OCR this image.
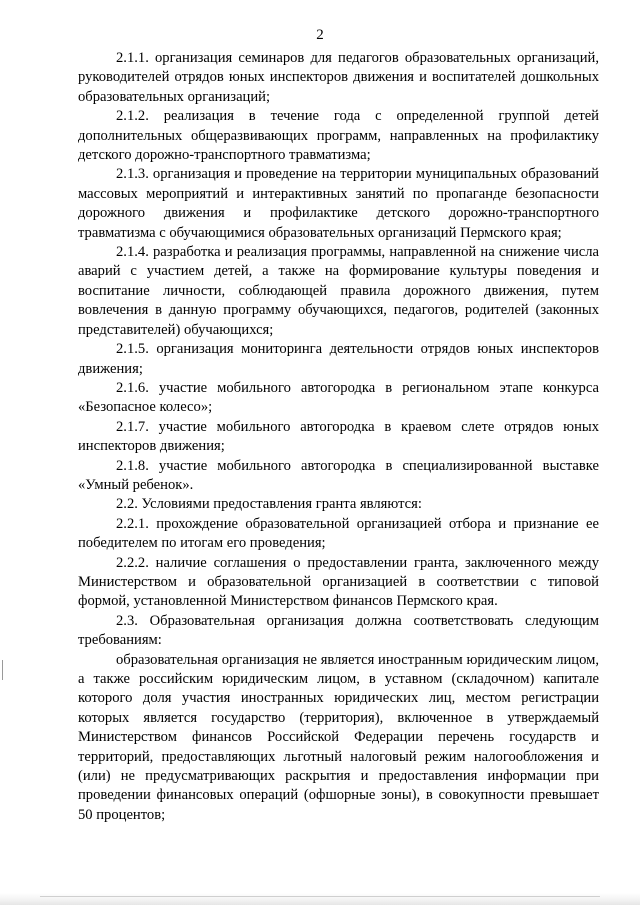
2

2.1.1. организация семинаров для педагогов образовательных организаций, руководителей отрядов юных инспекторов движения и воспитателей дошкольных образовательных организаций;

2.1.2. реализация в течение года с определенной группой детей дополнительных общеразвивающих программ, направленных на профилактику детского дорожно-транспортного травматизма;

2.1.3. организация и проведение на территории муниципальных образований массовых мероприятий и интерактивных занятий по пропаганде безопасности дорожного движения и профилактике детского дорожно-транспортного травматизма с обучающимися образовательных организаций Пермского края;

2.1.4. разработка и реализация программы, направленной на снижение числа аварий с участием детей, а также на формирование культуры поведения и воспитание личности, соблюдающей правила дорожного движения, путем вовлечения в данную программу обучающихся, педагогов, родителей (законных представителей) обучающихся;

2.1.5. организация мониторинга деятельности отрядов юных инспекторов движения;

2.1.6. участие мобильного автогородка в региональном этапе конкурса «Безопасное колесо»;

2.1.7. участие мобильного автогородка в краевом слете отрядов юных инспекторов движения;

2.1.8. участие мобильного автогородка в специализированной выставке «Умный ребенок».

2.2. Условиями предоставления гранта являются:

2.2.1. прохождение образовательной организацией отбора и признание ее победителем по итогам его проведения;

2.2.2. наличие соглашения о предоставлении гранта, заключенного между Министерством и образовательной организацией в соответствии с типовой формой, установленной Министерством финансов Пермского края.

2.3. Образовательная организация должна соответствовать следующим требованиям:

образовательная организация не является иностранным юридическим лицом, а также российским юридическим лицом, в уставном (складочном) капитале которого доля участия иностранных юридических лиц, местом регистрации которых является государство (территория), включенное в утверждаемый Министерством финансов Российской Федерации перечень государств и территорий, предоставляющих льготный налоговый режим налогообложения и (или) не предусматривающих раскрытия и предоставления информации при проведении финансовых операций (офшорные зоны), в совокупности превышает 50 процентов;
